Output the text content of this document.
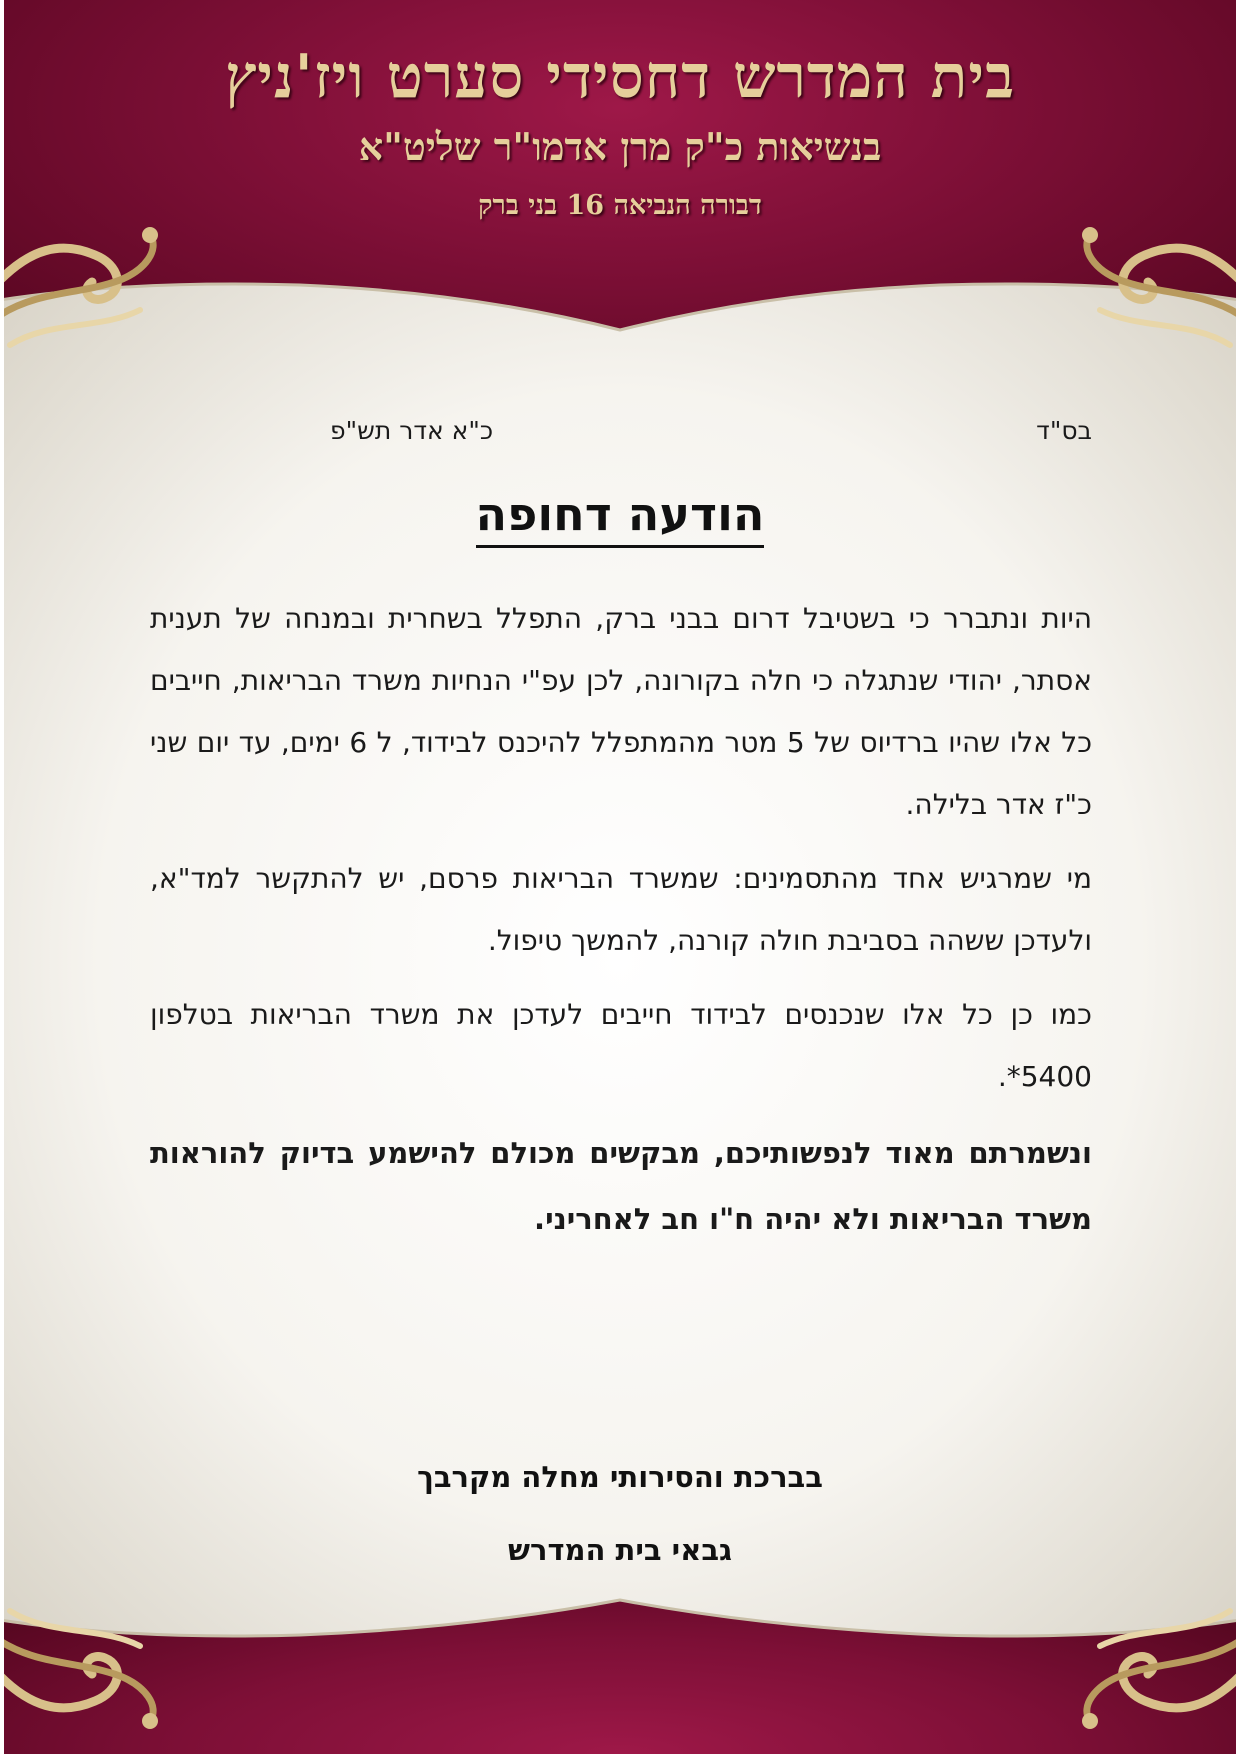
בית המדרש דחסידי סערט ויז'ניץ
בנשיאות כ"ק מרן אדמו"ר שליט"א
דבורה הנביאה 16 בני ברק
בס"ד
כ"א אדר תש"פ
הודעה דחופה

היות ונתברר כי בשטיבל דרום בבני ברק, התפלל בשחרית ובמנחה של תענית אסתר, יהודי שנתגלה כי חלה בקורונה, לכן עפ"י הנחיות משרד הבריאות, חייבים כל אלו שהיו ברדיוס של 5 מטר מהמתפלל להיכנס לבידוד, ל 6 ימים, עד יום שני כ"ז אדר בלילה.

מי שמרגיש אחד מהתסמינים: שמשרד הבריאות פרסם, יש להתקשר למד"א, ולעדכן ששהה בסביבת חולה קורנה, להמשך טיפול.

כמו כן כל אלו שנכנסים לבידוד חייבים לעדכן את משרד הבריאות בטלפון 5400*.

ונשמרתם מאוד לנפשותיכם, מבקשים מכולם להישמע בדיוק להוראות משרד הבריאות ולא יהיה ח"ו חב לאחריני.

בברכת והסירותי מחלה מקרבך
גבאי בית המדרש
